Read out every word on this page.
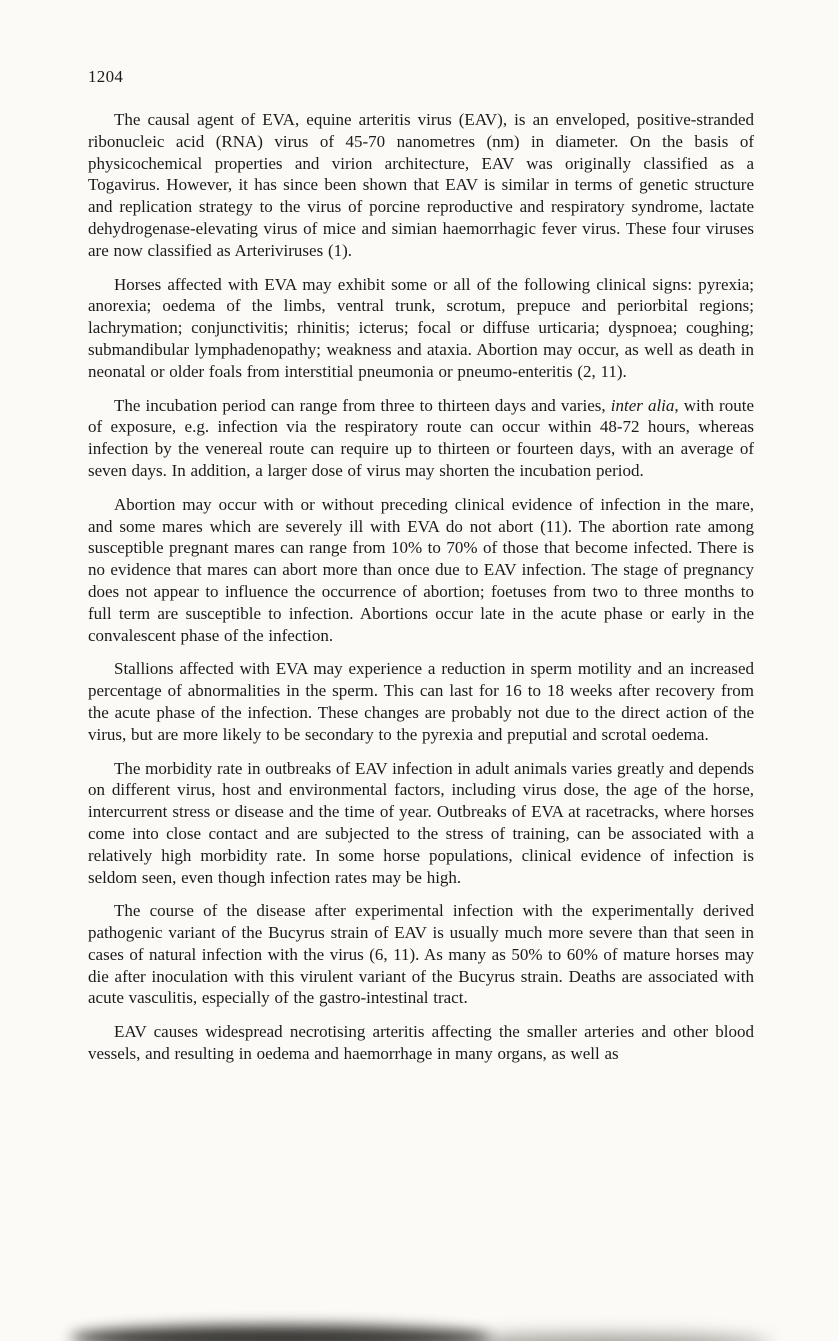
1204

The causal agent of EVA, equine arteritis virus (EAV), is an enveloped, positive-stranded ribonucleic acid (RNA) virus of 45-70 nanometres (nm) in diameter. On the basis of physicochemical properties and virion architecture, EAV was originally classified as a Togavirus. However, it has since been shown that EAV is similar in terms of genetic structure and replication strategy to the virus of porcine reproductive and respiratory syndrome, lactate dehydrogenase-elevating virus of mice and simian haemorrhagic fever virus. These four viruses are now classified as Arteriviruses (1).

Horses affected with EVA may exhibit some or all of the following clinical signs: pyrexia; anorexia; oedema of the limbs, ventral trunk, scrotum, prepuce and periorbital regions; lachrymation; conjunctivitis; rhinitis; icterus; focal or diffuse urticaria; dyspnoea; coughing; submandibular lymphadenopathy; weakness and ataxia. Abortion may occur, as well as death in neonatal or older foals from interstitial pneumonia or pneumo-enteritis (2, 11).

The incubation period can range from three to thirteen days and varies, inter alia, with route of exposure, e.g. infection via the respiratory route can occur within 48-72 hours, whereas infection by the venereal route can require up to thirteen or fourteen days, with an average of seven days. In addition, a larger dose of virus may shorten the incubation period.

Abortion may occur with or without preceding clinical evidence of infection in the mare, and some mares which are severely ill with EVA do not abort (11). The abortion rate among susceptible pregnant mares can range from 10% to 70% of those that become infected. There is no evidence that mares can abort more than once due to EAV infection. The stage of pregnancy does not appear to influence the occurrence of abortion; foetuses from two to three months to full term are susceptible to infection. Abortions occur late in the acute phase or early in the convalescent phase of the infection.

Stallions affected with EVA may experience a reduction in sperm motility and an increased percentage of abnormalities in the sperm. This can last for 16 to 18 weeks after recovery from the acute phase of the infection. These changes are probably not due to the direct action of the virus, but are more likely to be secondary to the pyrexia and preputial and scrotal oedema.

The morbidity rate in outbreaks of EAV infection in adult animals varies greatly and depends on different virus, host and environmental factors, including virus dose, the age of the horse, intercurrent stress or disease and the time of year. Outbreaks of EVA at racetracks, where horses come into close contact and are subjected to the stress of training, can be associated with a relatively high morbidity rate. In some horse populations, clinical evidence of infection is seldom seen, even though infection rates may be high.

The course of the disease after experimental infection with the experimentally derived pathogenic variant of the Bucyrus strain of EAV is usually much more severe than that seen in cases of natural infection with the virus (6, 11). As many as 50% to 60% of mature horses may die after inoculation with this virulent variant of the Bucyrus strain. Deaths are associated with acute vasculitis, especially of the gastro-intestinal tract.

EAV causes widespread necrotising arteritis affecting the smaller arteries and other blood vessels, and resulting in oedema and haemorrhage in many organs, as well as
